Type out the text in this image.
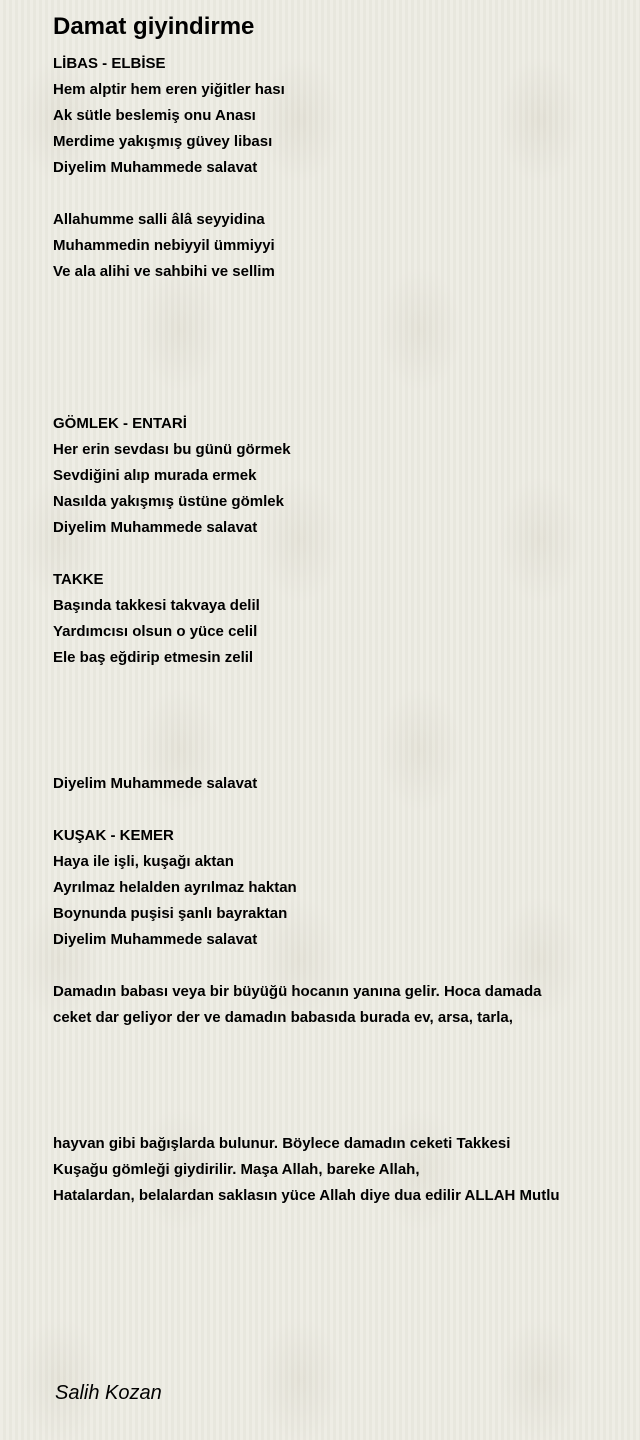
Damat giyindirme
LİBAS - ELBİSE
Hem alptir hem eren yiğitler hası
Ak sütle beslemiş onu Anası
Merdime yakışmış güvey libası
Diyelim Muhammede salavat
Allahumme salli âlâ seyyidina
Muhammedin nebiyyil ümmiyyi
Ve ala alihi ve sahbihi ve sellim
GÖMLEK - ENTARİ
Her erin sevdası bu günü görmek
Sevdiğini alıp murada ermek
Nasılda yakışmış üstüne gömlek
Diyelim Muhammede salavat
TAKKE
Başında takkesi takvaya delil
Yardımcısı olsun o yüce celil
Ele baş eğdirip etmesin zelil
Diyelim Muhammede salavat
KUŞAK - KEMER
Haya ile işli, kuşağı aktan
Ayrılmaz helalden ayrılmaz haktan
Boynunda puşisi şanlı bayraktan
Diyelim Muhammede salavat
Damadın babası veya bir büyüğü hocanın yanına gelir. Hoca damada
ceket dar geliyor der ve damadın babasıda burada ev, arsa, tarla,
hayvan gibi bağışlarda bulunur. Böylece damadın ceketi Takkesi
Kuşağu gömleği giydirilir. Maşa Allah, bareke Allah,
Hatalardan, belalardan saklasın yüce Allah diye dua edilir ALLAH Mutlu
Salih Kozan
